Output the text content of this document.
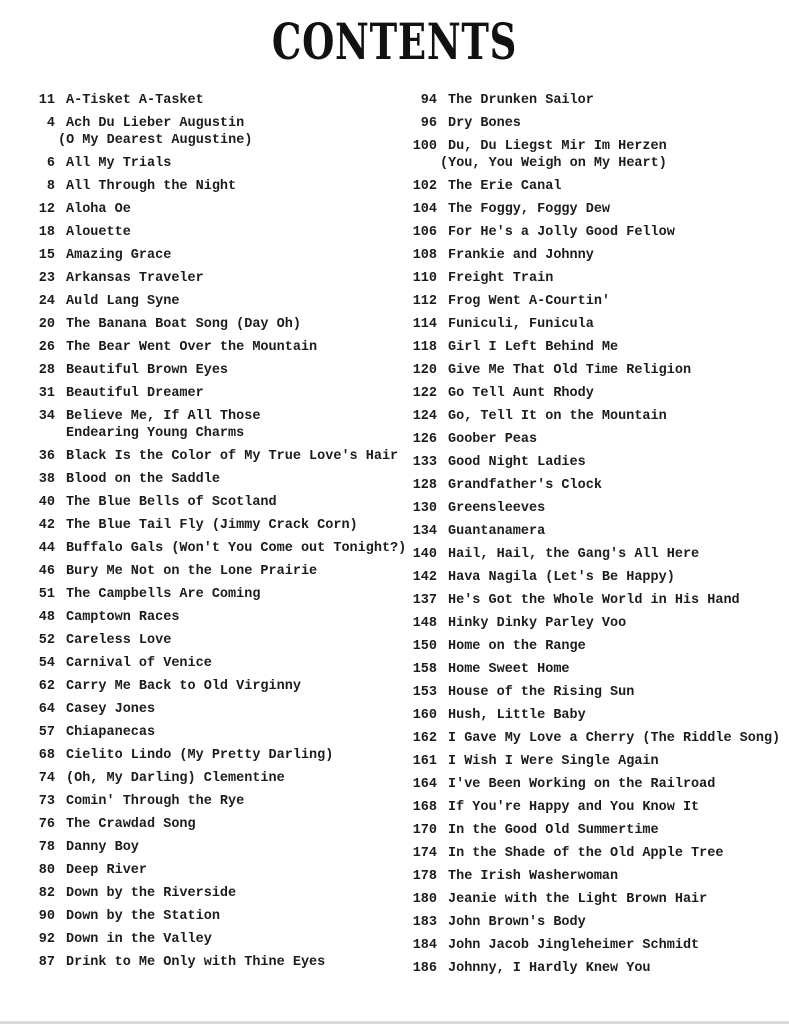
CONTENTS
11 A-Tisket A-Tasket
4 Ach Du Lieber Augustin
(O My Dearest Augustine)
6 All My Trials
8 All Through the Night
12 Aloha Oe
18 Alouette
15 Amazing Grace
23 Arkansas Traveler
24 Auld Lang Syne
20 The Banana Boat Song (Day Oh)
26 The Bear Went Over the Mountain
28 Beautiful Brown Eyes
31 Beautiful Dreamer
34 Believe Me, If All Those
Endearing Young Charms
36 Black Is the Color of My True Love's Hair
38 Blood on the Saddle
40 The Blue Bells of Scotland
42 The Blue Tail Fly (Jimmy Crack Corn)
44 Buffalo Gals (Won't You Come out Tonight?)
46 Bury Me Not on the Lone Prairie
51 The Campbells Are Coming
48 Camptown Races
52 Careless Love
54 Carnival of Venice
62 Carry Me Back to Old Virginny
64 Casey Jones
57 Chiapanecas
68 Cielito Lindo (My Pretty Darling)
74 (Oh, My Darling) Clementine
73 Comin' Through the Rye
76 The Crawdad Song
78 Danny Boy
80 Deep River
82 Down by the Riverside
90 Down by the Station
92 Down in the Valley
87 Drink to Me Only with Thine Eyes
94 The Drunken Sailor
96 Dry Bones
100 Du, Du Liegst Mir Im Herzen
(You, You Weigh on My Heart)
102 The Erie Canal
104 The Foggy, Foggy Dew
106 For He's a Jolly Good Fellow
108 Frankie and Johnny
110 Freight Train
112 Frog Went A-Courtin'
114 Funiculi, Funicula
118 Girl I Left Behind Me
120 Give Me That Old Time Religion
122 Go Tell Aunt Rhody
124 Go, Tell It on the Mountain
126 Goober Peas
133 Good Night Ladies
128 Grandfather's Clock
130 Greensleeves
134 Guantanamera
140 Hail, Hail, the Gang's All Here
142 Hava Nagila (Let's Be Happy)
137 He's Got the Whole World in His Hand
148 Hinky Dinky Parley Voo
150 Home on the Range
158 Home Sweet Home
153 House of the Rising Sun
160 Hush, Little Baby
162 I Gave My Love a Cherry (The Riddle Song)
161 I Wish I Were Single Again
164 I've Been Working on the Railroad
168 If You're Happy and You Know It
170 In the Good Old Summertime
174 In the Shade of the Old Apple Tree
178 The Irish Washerwoman
180 Jeanie with the Light Brown Hair
183 John Brown's Body
184 John Jacob Jingleheimer Schmidt
186 Johnny, I Hardly Knew You
